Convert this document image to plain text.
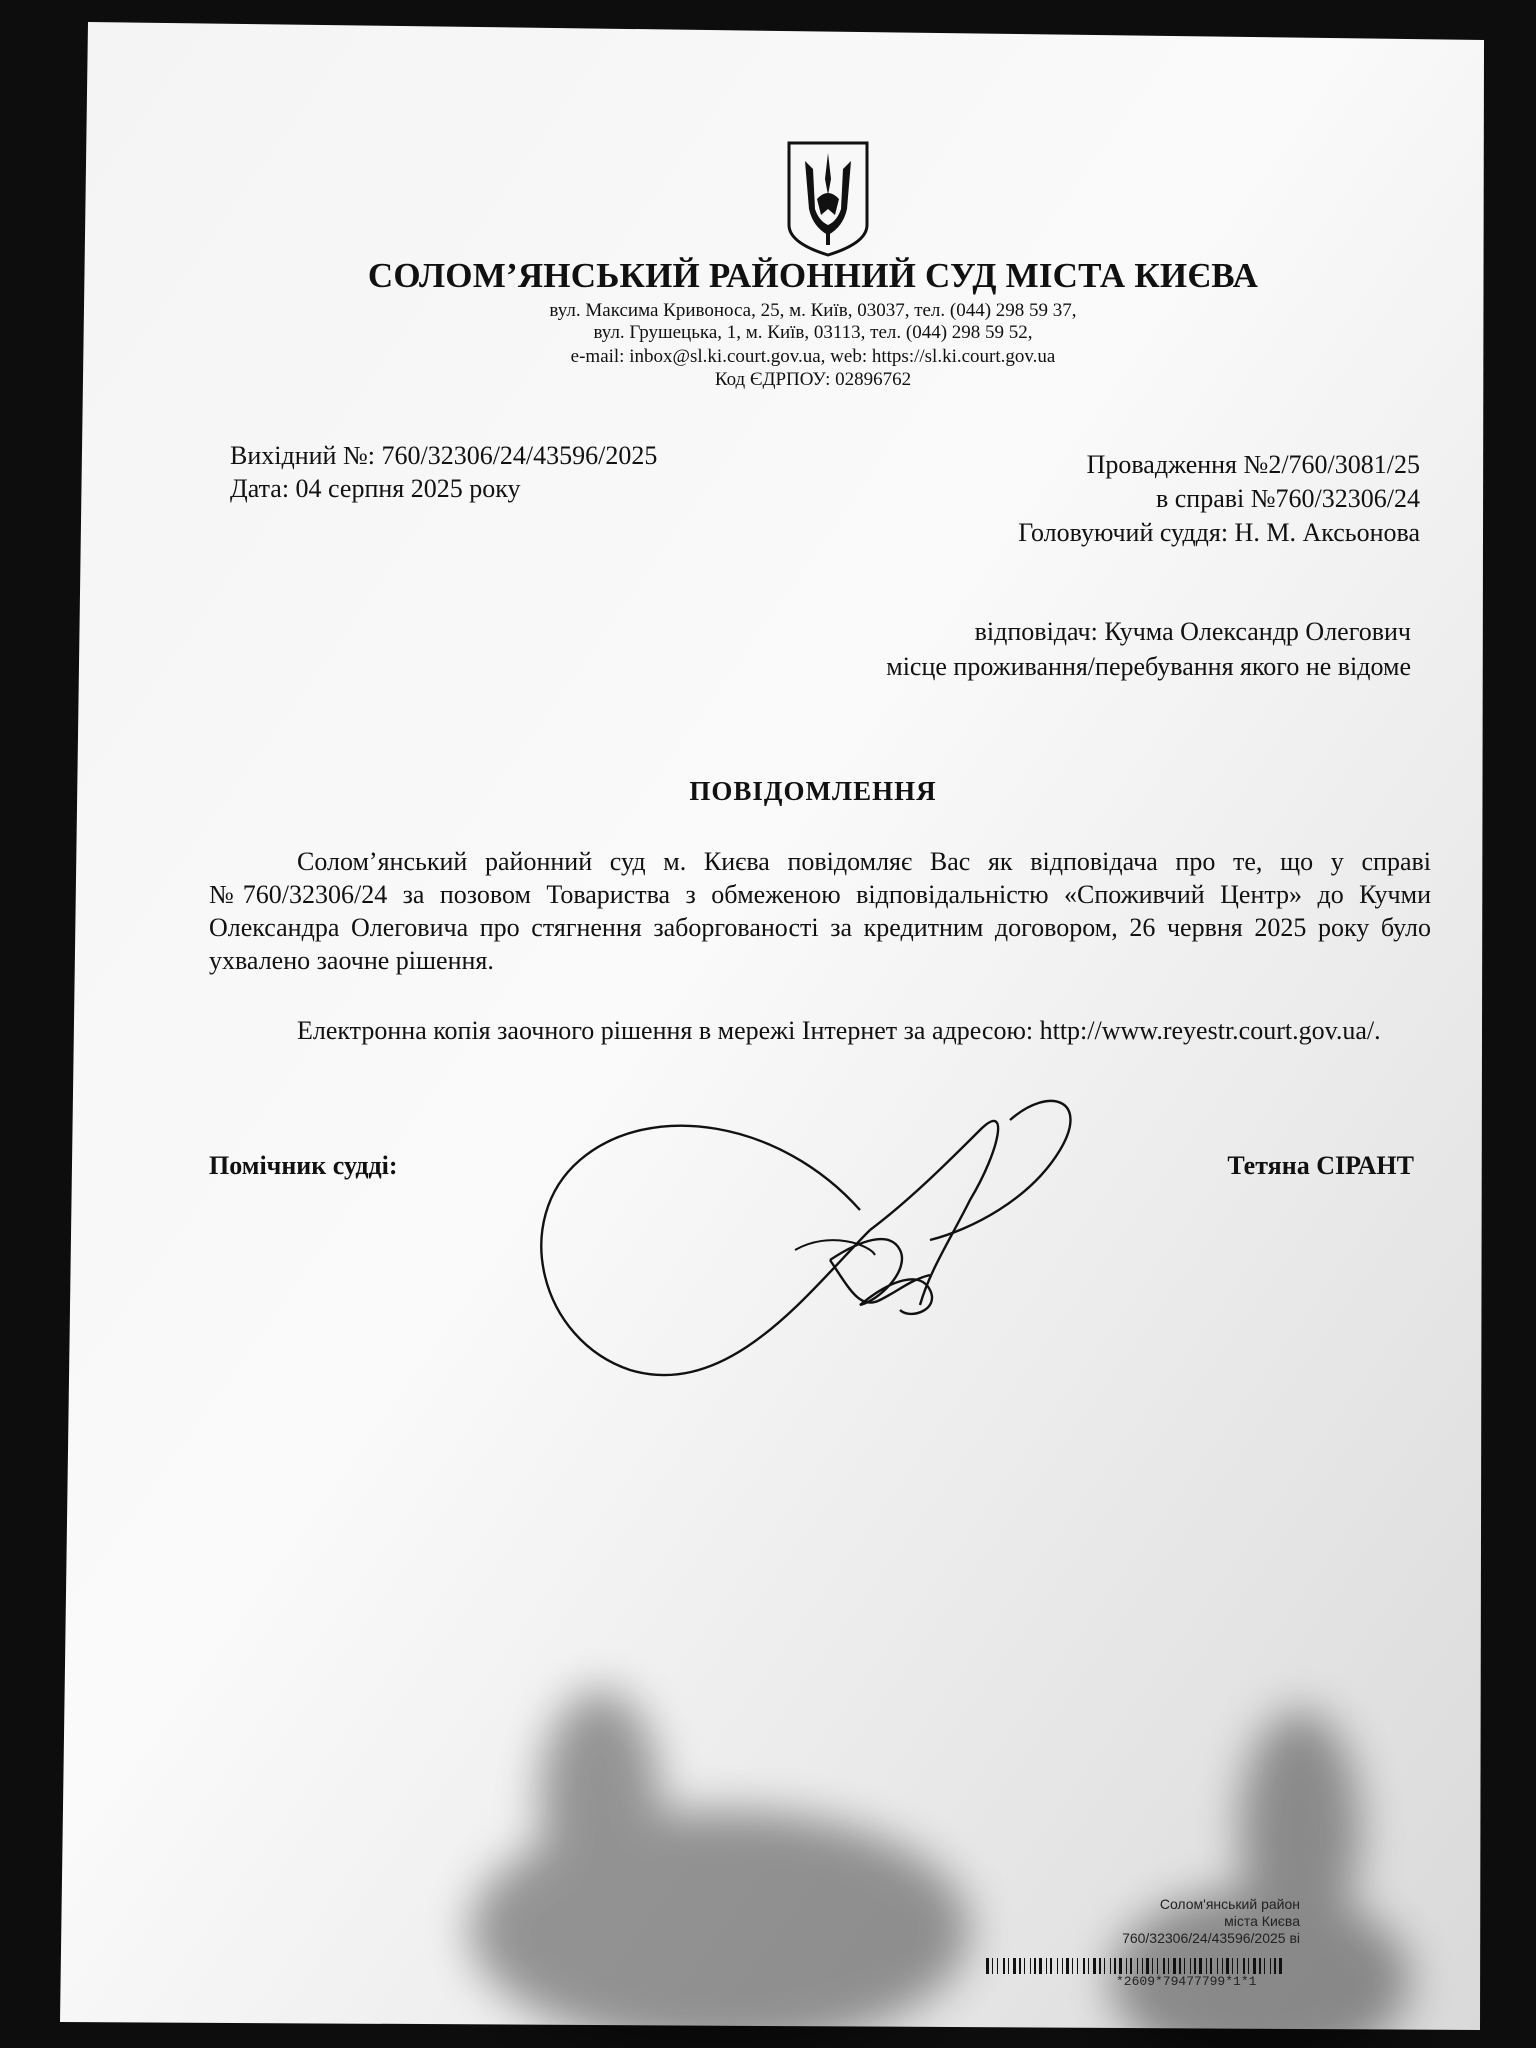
СОЛОМ’ЯНСЬКИЙ РАЙОННИЙ СУД МІСТА КИЄВА
вул. Максима Кривоноса, 25, м. Київ, 03037, тел. (044) 298 59 37,
вул. Грушецька, 1, м. Київ, 03113, тел. (044) 298 59 52,
e-mail: inbox@sl.ki.court.gov.ua, web: https://sl.ki.court.gov.ua
Код ЄДРПОУ: 02896762
Вихідний №: 760/32306/24/43596/2025
Дата: 04 серпня 2025 року
Провадження №2/760/3081/25
в справі №760/32306/24
Головуючий суддя: Н. М. Аксьонова
відповідач: Кучма Олександр Олегович
місце проживання/перебування якого не відоме
ПОВІДОМЛЕННЯ
Солом’янський районний суд м. Києва повідомляє Вас як відповідача про те, що у справі №760/32306/24 за позовом Товариства з обмеженою відповідальністю «Споживчий Центр» до Кучми Олександра Олеговича про стягнення заборгованості за кредитним договором, 26 червня 2025 року було ухвалено заочне рішення.
Електронна копія заочного рішення в мережі Інтернет за адресою: http://www.reyestr.court.gov.ua/.
Помічник судді:	Тетяна СІРАНТ
Солом'янський район
міста Києва
760/32306/24/43596/2025 ві
*2609*79477799*1*1
